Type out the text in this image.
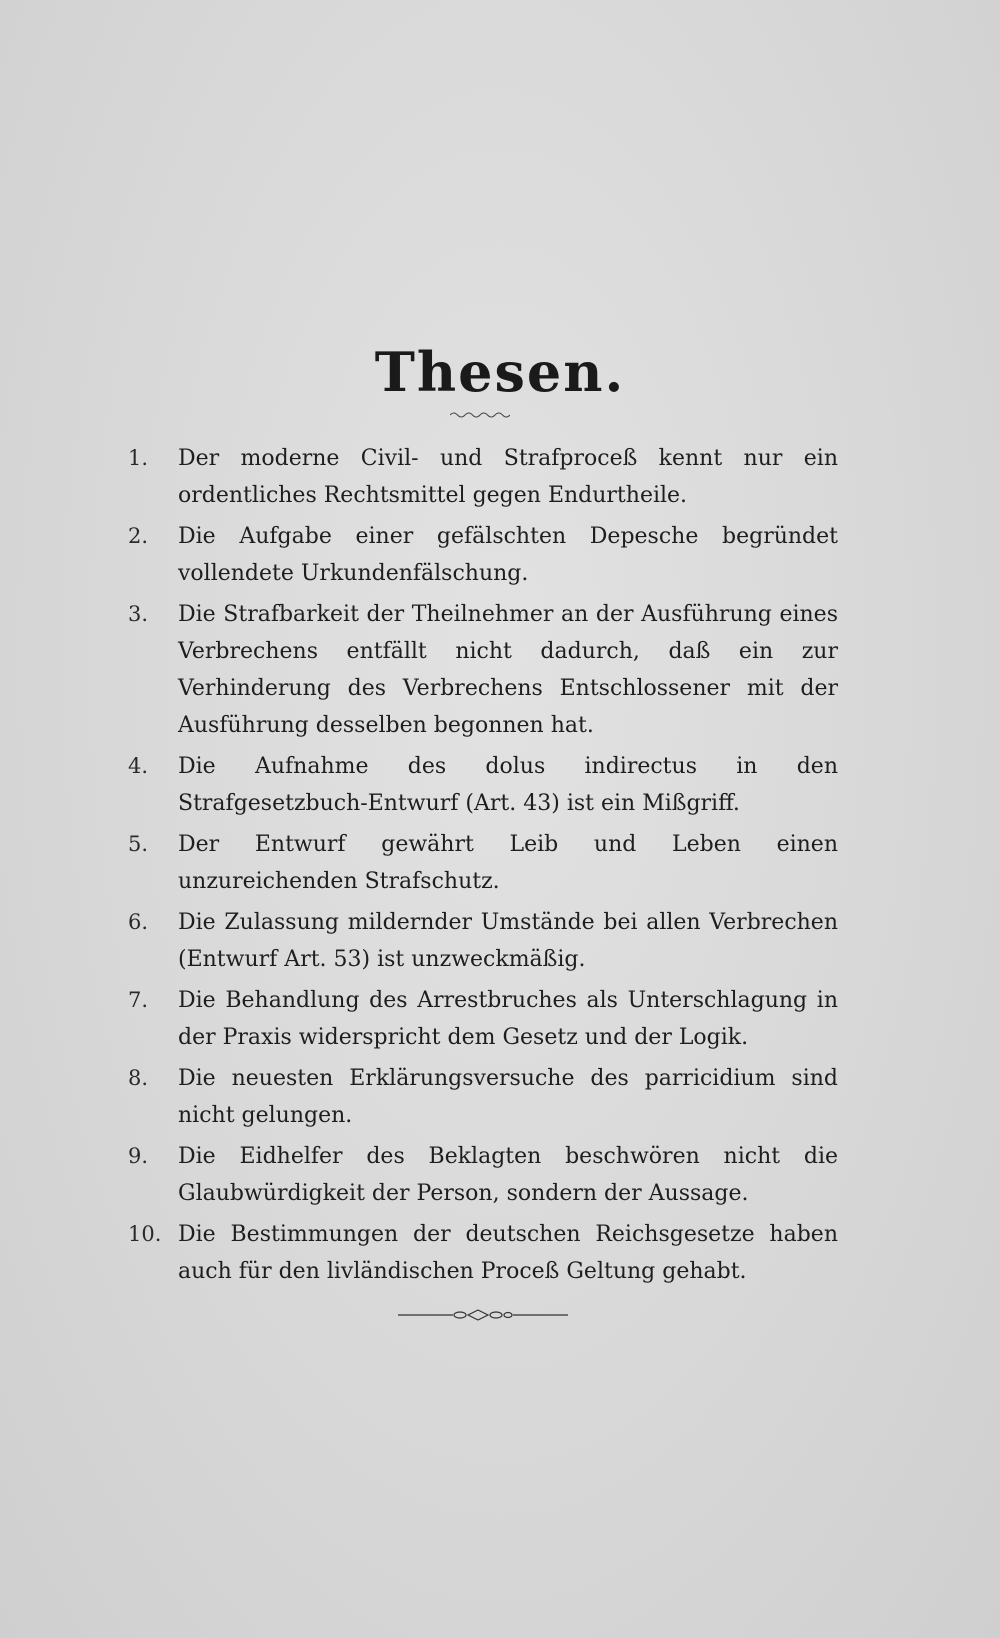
Thesen.
1.	Der moderne Civil- und Strafproceß kennt nur ein ordentliches Rechtsmittel gegen Endurtheile.
2.	Die Aufgabe einer gefälschten Depesche begründet vollendete Urkundenfälschung.
3.	Die Strafbarkeit der Theilnehmer an der Ausführung eines Verbrechens entfällt nicht dadurch, daß ein zur Verhinderung des Verbrechens Entschlossener mit der Ausführung desselben begonnen hat.
4.	Die Aufnahme des dolus indirectus in den Strafgesetzbuch-Entwurf (Art. 43) ist ein Mißgriff.
5.	Der Entwurf gewährt Leib und Leben einen unzureichenden Strafschutz.
6.	Die Zulassung mildernder Umstände bei allen Verbrechen (Entwurf Art. 53) ist unzweckmäßig.
7.	Die Behandlung des Arrestbruches als Unterschlagung in der Praxis widerspricht dem Gesetz und der Logik.
8.	Die neuesten Erklärungsversuche des parricidium sind nicht gelungen.
9.	Die Eidhelfer des Beklagten beschwören nicht die Glaubwürdigkeit der Person, sondern der Aussage.
10. Die Bestimmungen der deutschen Reichsgesetze haben auch für den livländischen Proceß Geltung gehabt.
